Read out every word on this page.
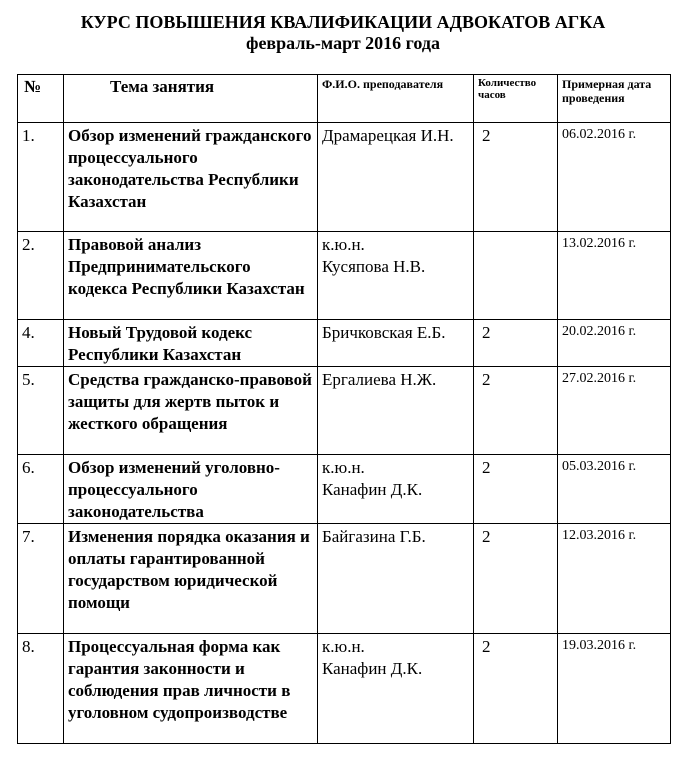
КУРС ПОВЫШЕНИЯ КВАЛИФИКАЦИИ АДВОКАТОВ АГКА
февраль-март 2016 года
№	Тема занятия	Ф.И.О. преподавателя	Количество часов	Примерная дата проведения
1.	Обзор изменений гражданского процессуального законодательства Республики Казахстан	Драмарецкая И.Н.	2	06.02.2016 г.
2.	Правовой анализ Предпринимательского кодекса Республики Казахстан	к.ю.н.
Кусяпова Н.В.		13.02.2016 г.
4.	Новый Трудовой кодекс Республики Казахстан	Бричковская Е.Б.	2	20.02.2016 г.
5.	Средства гражданско-правовой защиты для жертв пыток и жесткого обращения	Ергалиева Н.Ж.	2	27.02.2016 г.
6.	Обзор изменений уголовно-процессуального законодательства	к.ю.н.
Канафин Д.К.	2	05.03.2016 г.
7.	Изменения порядка оказания и оплаты гарантированной государством юридической помощи	Байгазина Г.Б.	2	12.03.2016 г.
8.	Процессуальная форма как гарантия законности и соблюдения прав личности в уголовном судопроизводстве	к.ю.н.
Канафин Д.К.	2	19.03.2016 г.
